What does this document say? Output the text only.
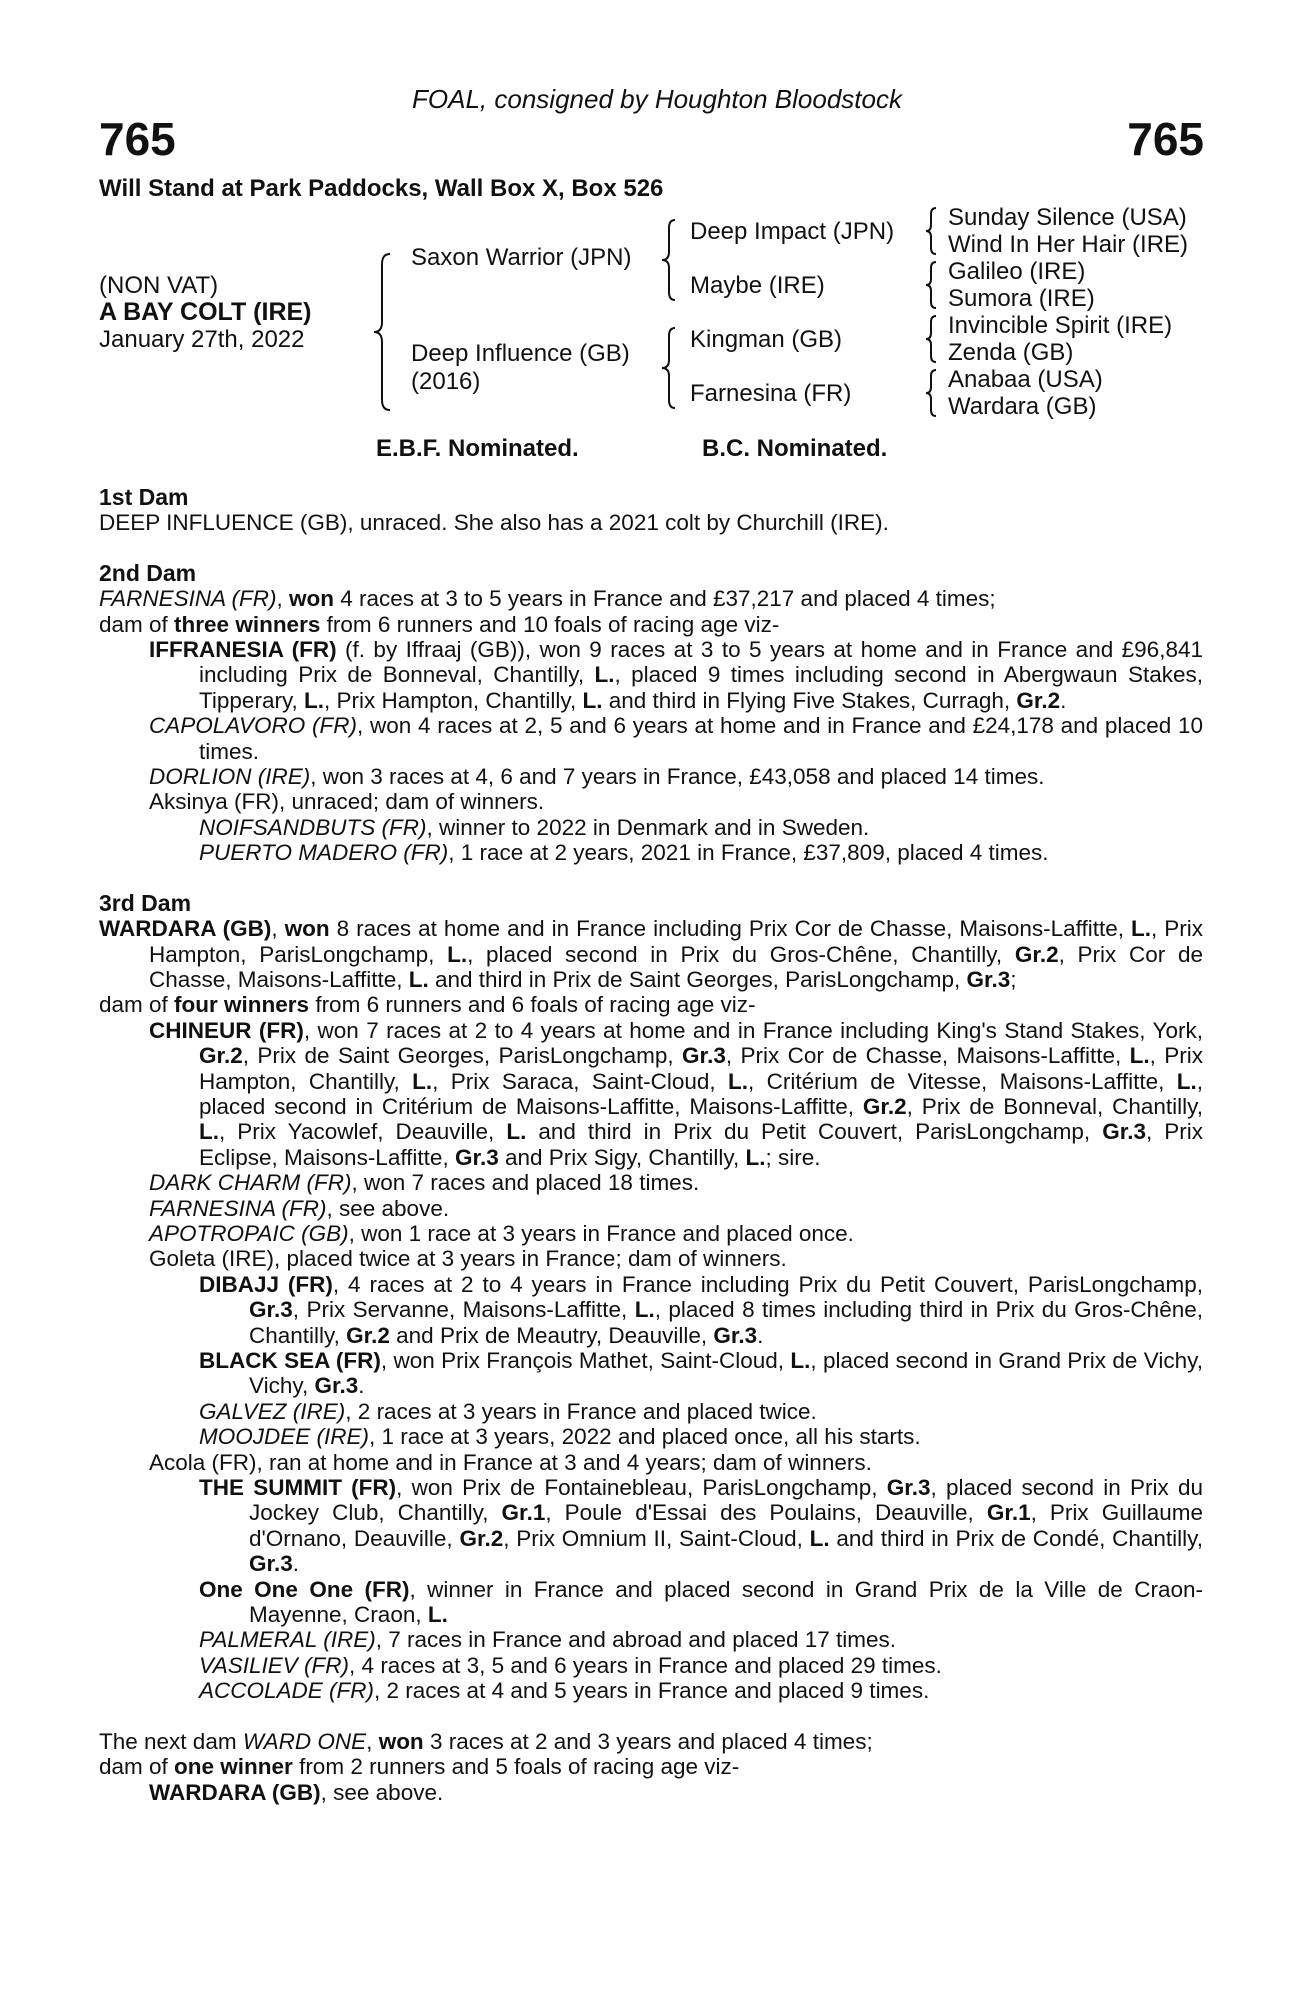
FOAL, consigned by Houghton Bloodstock
765	765
Will Stand at Park Paddocks, Wall Box X, Box 526
(NON VAT)
A BAY COLT (IRE)
January 27th, 2022
Saxon Warrior (JPN)
Deep Influence (GB)
(2016)
Deep Impact (JPN)
Maybe (IRE)
Kingman (GB)
Farnesina (FR)
Sunday Silence (USA)
Wind In Her Hair (IRE)
Galileo (IRE)
Sumora (IRE)
Invincible Spirit (IRE)
Zenda (GB)
Anabaa (USA)
Wardara (GB)
E.B.F. Nominated.	B.C. Nominated.

1st Dam

DEEP INFLUENCE (GB), unraced. She also has a 2021 colt by Churchill (IRE).

2nd Dam

FARNESINA (FR), won 4 races at 3 to 5 years in France and £37,217 and placed 4 times;

dam of three winners from 6 runners and 10 foals of racing age viz-

IFFRANESIA (FR) (f. by Iffraaj (GB)), won 9 races at 3 to 5 years at home and in France and £96,841 including Prix de Bonneval, Chantilly, L., placed 9 times including second in Abergwaun Stakes, Tipperary, L., Prix Hampton, Chantilly, L. and third in Flying Five Stakes, Curragh, Gr.2.

CAPOLAVORO (FR), won 4 races at 2, 5 and 6 years at home and in France and £24,178 and placed 10 times.

DORLION (IRE), won 3 races at 4, 6 and 7 years in France, £43,058 and placed 14 times.

Aksinya (FR), unraced; dam of winners.

NOIFSANDBUTS (FR), winner to 2022 in Denmark and in Sweden.

PUERTO MADERO (FR), 1 race at 2 years, 2021 in France, £37,809, placed 4 times.

3rd Dam

WARDARA (GB), won 8 races at home and in France including Prix Cor de Chasse, Maisons-Laffitte, L., Prix Hampton, ParisLongchamp, L., placed second in Prix du Gros-Chêne, Chantilly, Gr.2, Prix Cor de Chasse, Maisons-Laffitte, L. and third in Prix de Saint Georges, ParisLongchamp, Gr.3;

dam of four winners from 6 runners and 6 foals of racing age viz-

CHINEUR (FR), won 7 races at 2 to 4 years at home and in France including King's Stand Stakes, York, Gr.2, Prix de Saint Georges, ParisLongchamp, Gr.3, Prix Cor de Chasse, Maisons-Laffitte, L., Prix Hampton, Chantilly, L., Prix Saraca, Saint-Cloud, L., Critérium de Vitesse, Maisons-Laffitte, L., placed second in Critérium de Maisons-Laffitte, Maisons-Laffitte, Gr.2, Prix de Bonneval, Chantilly, L., Prix Yacowlef, Deauville, L. and third in Prix du Petit Couvert, ParisLongchamp, Gr.3, Prix Eclipse, Maisons-Laffitte, Gr.3 and Prix Sigy, Chantilly, L.; sire.

DARK CHARM (FR), won 7 races and placed 18 times.

FARNESINA (FR), see above.

APOTROPAIC (GB), won 1 race at 3 years in France and placed once.

Goleta (IRE), placed twice at 3 years in France; dam of winners.

DIBAJJ (FR), 4 races at 2 to 4 years in France including Prix du Petit Couvert, ParisLongchamp, Gr.3, Prix Servanne, Maisons-Laffitte, L., placed 8 times including third in Prix du Gros-Chêne, Chantilly, Gr.2 and Prix de Meautry, Deauville, Gr.3.

BLACK SEA (FR), won Prix François Mathet, Saint-Cloud, L., placed second in Grand Prix de Vichy, Vichy, Gr.3.

GALVEZ (IRE), 2 races at 3 years in France and placed twice.

MOOJDEE (IRE), 1 race at 3 years, 2022 and placed once, all his starts.

Acola (FR), ran at home and in France at 3 and 4 years; dam of winners.

THE SUMMIT (FR), won Prix de Fontainebleau, ParisLongchamp, Gr.3, placed second in Prix du Jockey Club, Chantilly, Gr.1, Poule d'Essai des Poulains, Deauville, Gr.1, Prix Guillaume d'Ornano, Deauville, Gr.2, Prix Omnium II, Saint-Cloud, L. and third in Prix de Condé, Chantilly, Gr.3.

One One One (FR), winner in France and placed second in Grand Prix de la Ville de Craon-Mayenne, Craon, L.

PALMERAL (IRE), 7 races in France and abroad and placed 17 times.

VASILIEV (FR), 4 races at 3, 5 and 6 years in France and placed 29 times.

ACCOLADE (FR), 2 races at 4 and 5 years in France and placed 9 times.

The next dam WARD ONE, won 3 races at 2 and 3 years and placed 4 times;

dam of one winner from 2 runners and 5 foals of racing age viz-

WARDARA (GB), see above.
